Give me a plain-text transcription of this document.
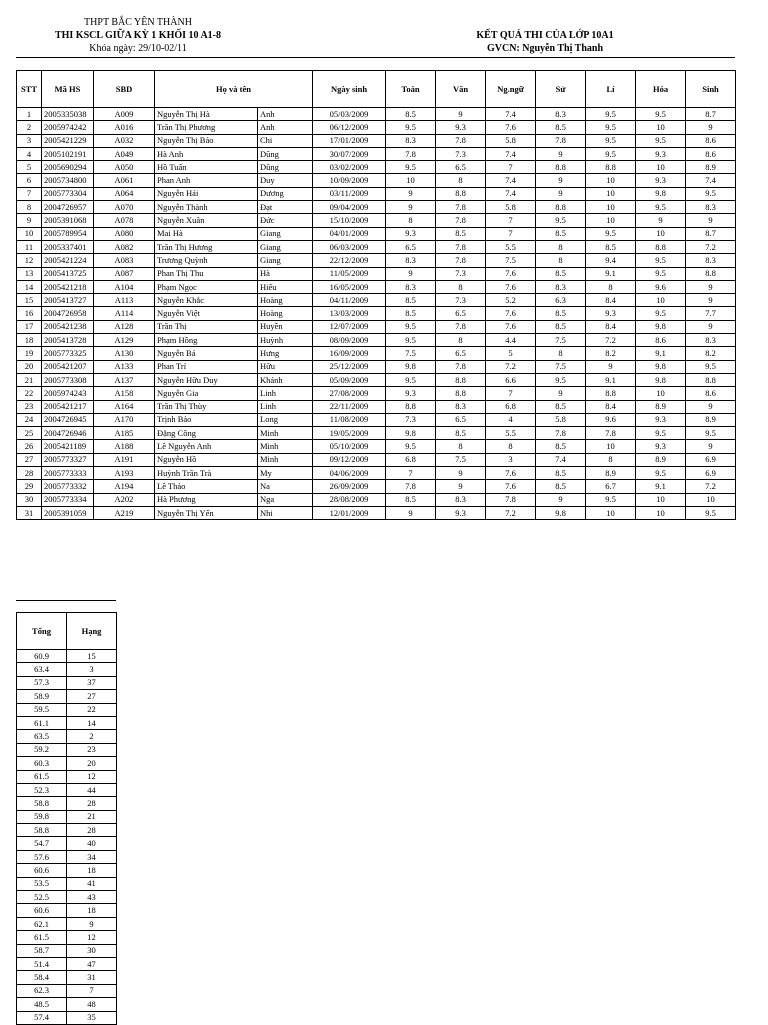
THPT BẮC YÊN THÀNH
THI KSCL GIỮA KỲ 1 KHỐI 10 A1-8
Khóa ngày: 29/10-02/11
KẾT QUẢ THI CỦA LỚP 10A1
GVCN: Nguyễn Thị Thanh
STT	Mã HS	SBD	Họ và tên		Ngày sinh	Toán	Văn	Ng.ngữ	Sử	Lí	Hóa	Sinh
1	2005335038	A009	Nguyễn Thị Hà	Anh	05/03/2009	8.5	9	7.4	8.3	9.5	9.5	8.7
2	2005974242	A016	Trần Thị Phương	Anh	06/12/2009	9.5	9.3	7.6	8.5	9.5	10	9
3	2005421229	A032	Nguyễn Thị Bảo	Chi	17/01/2009	8.3	7.8	5.8	7.8	9.5	9.5	8.6
4	2005102191	A049	Hà Anh	Dũng	30/07/2009	7.8	7.3	7.4	9	9.5	9.3	8.6
5	2005690294	A050	Hồ Tuấn	Dũng	03/02/2009	9.5	6.5	7	8.8	8.8	10	8.9
6	2005734800	A061	Phan Anh	Duy	10/09/2009	10	8	7.4	9	10	9.3	7.4
7	2005773304	A064	Nguyễn Hải	Dương	03/11/2009	9	8.8	7.4	9	10	9.8	9.5
8	2004726957	A070	Nguyễn Thành	Đạt	09/04/2009	9	7.8	5.8	8.8	10	9.5	8.3
9	2005391068	A078	Nguyễn Xuân	Đức	15/10/2009	8	7.8	7	9.5	10	9	9
10	2005789954	A080	Mai Hà	Giang	04/01/2009	9.3	8.5	7	8.5	9.5	10	8.7
11	2005337401	A082	Trần Thị Hương	Giang	06/03/2009	6.5	7.8	5.5	8	8.5	8.8	7.2
12	2005421224	A083	Trương Quỳnh	Giang	22/12/2009	8.3	7.8	7.5	8	9.4	9.5	8.3
13	2005413725	A087	Phan Thị Thu	Hà	11/05/2009	9	7.3	7.6	8.5	9.1	9.5	8.8
14	2005421218	A104	Phạm Ngọc	Hiếu	16/05/2009	8.3	8	7.6	8.3	8	9.6	9
15	2005413727	A113	Nguyễn Khắc	Hoàng	04/11/2009	8.5	7.3	5.2	6.3	8.4	10	9
16	2004726958	A114	Nguyễn Việt	Hoàng	13/03/2009	8.5	6.5	7.6	8.5	9.3	9.5	7.7
17	2005421238	A128	Trần Thị	Huyền	12/07/2009	9.5	7.8	7.6	8.5	8.4	9.8	9
18	2005413728	A129	Phạm Hồng	Huỳnh	08/09/2009	9.5	8	4.4	7.5	7.2	8.6	8.3
19	2005773325	A130	Nguyễn Bá	Hưng	16/09/2009	7.5	6.5	5	8	8.2	9.1	8.2
20	2005421207	A133	Phan Trí	Hữu	25/12/2009	9.8	7.8	7.2	7.5	9	9.8	9.5
21	2005773308	A137	Nguyễn Hữu Duy	Khánh	05/09/2009	9.5	8.8	6.6	9.5	9.1	9.8	8.8
22	2005974243	A158	Nguyễn Gia	Linh	27/08/2009	9.3	8.8	7	9	8.8	10	8.6
23	2005421217	A164	Trần Thị Thùy	Linh	22/11/2009	8.8	8.3	6.8	8.5	8.4	8.9	9
24	2004726945	A170	Trịnh Bảo	Long	11/08/2009	7.3	6.5	4	5.8	9.6	9.3	8.9
25	2004726946	A185	Đặng Công	Minh	19/05/2009	9.8	8.5	5.5	7.8	7.8	9.5	9.5
26	2005421189	A188	Lê Nguyễn Anh	Minh	05/10/2009	9.5	8	8	8.5	10	9.3	9
27	2005773327	A191	Nguyễn Hồ	Minh	09/12/2009	6.8	7.5	3	7.4	8	8.9	6.9
28	2005773333	A193	Huỳnh Trần Trà	My	04/06/2009	7	9	7.6	8.5	8.9	9.5	6.9
29	2005773332	A194	Lê Thảo	Na	26/09/2009	7.8	9	7.6	8.5	6.7	9.1	7.2
30	2005773334	A202	Hà Phương	Nga	28/08/2009	8.5	8.3	7.8	9	9.5	10	10
31	2005391059	A219	Nguyễn Thị Yến	Nhi	12/01/2009	9	9.3	7.2	9.8	10	10	9.5
Tổng	Hạng
60.9	15
63.4	3
57.3	37
58.9	27
59.5	22
61.1	14
63.5	2
59.2	23
60.3	20
61.5	12
52.3	44
58.8	28
59.8	21
58.8	28
54.7	40
57.6	34
60.6	18
53.5	41
52.5	43
60.6	18
62.1	9
61.5	12
58.7	30
51.4	47
58.4	31
62.3	7
48.5	48
57.4	35
